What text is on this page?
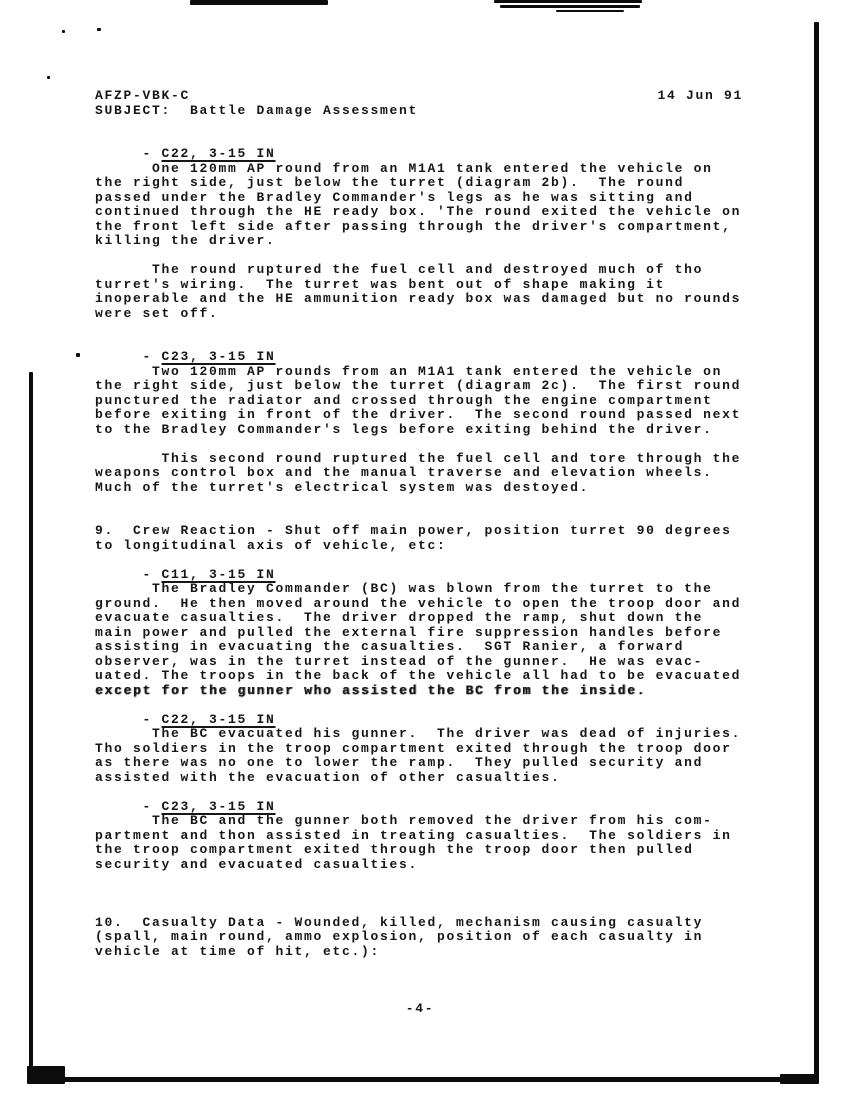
AFZP-VBK-C	14 Jun 91
SUBJECT:  Battle Damage Assessment
- C22, 3-15 IN
One 120mm AP round from an M1A1 tank entered the vehicle on
the right side, just below the turret (diagram 2b).  The round
passed under the Bradley Commander's legs as he was sitting and
continued through the HE ready box. 'The round exited the vehicle on
the front left side after passing through the driver's compartment,
killing the driver.
The round ruptured the fuel cell and destroyed much of tho
turret's wiring.  The turret was bent out of shape making it
inoperable and the HE ammunition ready box was damaged but no rounds
were set off.
- C23, 3-15 IN
Two 120mm AP rounds from an M1A1 tank entered the vehicle on
the right side, just below the turret (diagram 2c).  The first round
punctured the radiator and crossed through the engine compartment
before exiting in front of the driver.  The second round passed next
to the Bradley Commander's legs before exiting behind the driver.
This second round ruptured the fuel cell and tore through the
weapons control box and the manual traverse and elevation wheels.
Much of the turret's electrical system was destoyed.
9.  Crew Reaction - Shut off main power, position turret 90 degrees
to longitudinal axis of vehicle, etc:
- C11, 3-15 IN
The Bradley Commander (BC) was blown from the turret to the
ground.  He then moved around the vehicle to open the troop door and
evacuate casualties.  The driver dropped the ramp, shut down the
main power and pulled the external fire suppression handles before
assisting in evacuating the casualties.  SGT Ranier, a forward
observer, was in the turret instead of the gunner.  He was evac-
uated. The troops in the back of the vehicle all had to be evacuated
except for the gunner who assisted the BC from the inside.
- C22, 3-15 IN
The BC evacuated his gunner.  The driver was dead of injuries.
Tho soldiers in the troop compartment exited through the troop door
as there was no one to lower the ramp.  They pulled security and
assisted with the evacuation of other casualties.
- C23, 3-15 IN
The BC and the gunner both removed the driver from his com-
partment and thon assisted in treating casualties.  The soldiers in
the troop compartment exited through the troop door then pulled
security and evacuated casualties.
10.  Casualty Data - Wounded, killed, mechanism causing casualty
(spall, main round, ammo explosion, position of each casualty in
vehicle at time of hit, etc.):
-4-
